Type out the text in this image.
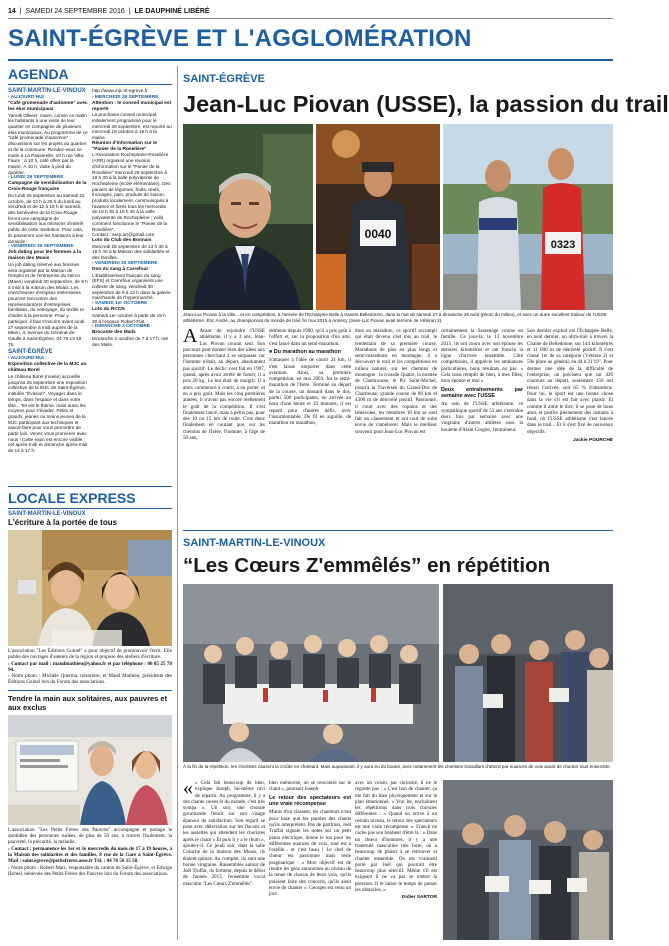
14 | SAMEDI 24 SEPTEMBRE 2016 | LE DAUPHINÉ LIBÉRÉ
SAINT-ÉGRÈVE ET L'AGGLOMÉRATION
AGENDA
SAINT-MARTIN-LE-VINOUX
› AUJOURD'HUI
"Café gromenade d'automne" avec les élus municipaux
Yannik Ollivier, maire, convie ce matin les habitants à une visite de leur quartier en compagnie de plusieurs élus municipaux. Au programme de ce "café promenade d'automne" : discussions sur les projets du quartier et de la commune. Rendez-vous ce matin à La Passerelle, 10 h rue Villa-Faure ; à 10 h, café offert par la mairie. À 10 h, visite à pied du quartier.
› LUNDI 26 SEPTEMBRE
Campagne de sensibilisation de la Croix-Rouge française
Du lundi 26 septembre au samedi 22 octobre, de 12 h à 20 h du lundi au vendredi et de 12 à 18 h le samedi, des bénévoles de la Croix-Rouge feront une campagne de sensibilisation aux missions d'intérêt public de cette institution. Pour cela, ils passeront voir les habitants à leur domicile.
› VENDREDI 30 SEPTEMBRE
Job dating pour les femmes à la maison des Moais
Un job dating réservé aux femmes sera organisé par la Maison de l'emploi et de l'entreprise du Néron (Maen) vendredi 30 septembre, de 9 h à midi à la maison des Moais. Les chercheuses d'emplois intéressées pourront rencontrer des représentant(e)s d'entreprises familiales, du nettoyage, du textile et d'aides à la personne. Pour y participer, il faut s'inscrire avant lundi 27 septembre à midi auprès de la Meen, 4, avenue du Général-de-Gaulle à Saint-Égrève, 04 76 13 18 76.
SAINT-ÉGRÈVE
› AUJOURD'HUI
Exposition collective de la MJC au château Borel
Le château Borel (mairie) accueille jusqu'au 25 septembre une exposition collective de la MJC de Saint-Égrève, intitulée "Évasion". Voyager dans le temps, dans l'espace et dans votre tête... Tel est le thème, mais aussi les moyens pour s'évader. Petits et grands, jeunes ou moins jeunes de la MJC participant aux techniques et savoir-faire pour vous permettre de partir loin. Venez vous promener avec nous ! Cette expo est encore visible cet après-midi et dimanche après-midi de 14 à 17 h.
http://www.mjc-st-egreve.fr
› MERCREDI 28 SEPTEMBRE
Attention : le conseil municipal est reporté
La prochaine conseil municipal, initialement programmé pour le mercredi 28 septembre, est reporté au mercredi 19 octobre à 19 h à la mairie.
Réunion d'information sur le "Panier de la Roselière"
L'Association Rochepleine-Roselière (ARR) organise une réunion d'information sur le "Panier de la Roselière" mercredi 28 septembre à 19 h 30 à la salle polyvalente de Rochepleine (école élémentaire). Des paniers de légumes, fruits, œufs, fromages, pain, produits de saison, produits localement, communiqués à l'avance et livrés tous les mercredis de 18 h 30 à 19 h 30 à la salle polyvalente de Rochepleine ; voilà comment fonctionne le "Panier de la Roselière".
Contact : asrp.arr@gmail.com
Loto du Club des Bonnais
Mercredi 28 septembre de 13 h 30 à 18 h 30 à la Maison des solidarités et des familles.
› VENDREDI 30 SEPTEMBRE
Don du sang à Carrefour
L'Établissement français du sang (EFS) et Carrefour organisent une collecte de sang, vendredi 30 septembre de 9 à 12 h dans la galerie marchande de l'hypermarché.
› SAMEDI 1er OCTOBRE
Loto du RCCN
Samedi 1er octobre à partir de 19 h 30 à l'espace Robert-Fiat.
› DIMANCHE 2 OCTOBRE
Brocante des Mails
Dimanche 2 octobre de 7 à 17 h, rue des Mails.
LOCALE EXPRESS
SAINT-MARTIN-LE-VINOUX
L'écriture à la portée de tous
L'association "Les Éditions Guinel" a pour objectif de promouvoir l'écrit. Elle publie des ouvrages d'auteurs de la région et propose des ateliers d'écriture.
› Contact par mail : maudmathieu@yahoo.fr et par téléphone : 06 85 25 78 94.
› Notre photo : Michèle Querma, trésorière, et Maud Mathieu, présidente des Éditions Guinel lors du Forum des associations.
Tendre la main aux solitaires, aux pauvres et aux exclus
L'association "Les Petits Frères des Pauvres" accompagne et partage le quotidien des personnes isolées, de plus de 50 ans, à travers l'isolement, la pauvreté, la précarité, la maladie.
› Contact : permanence les 1er et 3e mercredis du mois de 17 à 19 heures, à la Maison des solidarités et des familles, 8 rue de la Gare à Saint-Égrève. Mail : saint.egreve@petitsfreres.asso.fr Tél. : 04 76 56 15 50.
› Notre photo : Robert Marc, responsable du canton de Saint-Égrève, et Edwige Homel, bénévole des Petits Frères des Pauvres lors du Forum des associations.
SAINT-ÉGRÈVE
Jean-Luc Piovan (USSE), la passion du trail
0040
0323
Jean-Luc Piovan à la ville... et en compétition, à l'arrivée de l'Échappée Belle à travers Belledonne, dans la nuit de samedi 27 à dimanche 28 août (photo du milieu), et avec un autre excellent traileur de l'USSE athlétisme, Éric André, au championnat du monde de trail, fin mai 2015 à Annecy (Jean-Luc Piovan avait terminé 4e Vétéran 2).
A Avant de rejoindre l'USSE athlétisme, il y a 3 ans, Jean-Luc Piovan courait seul. Son parcours peut donner bien des idées aux personnes cherchant à se surpasser car l'homme n'était, au départ, absolument pas sportif. Le déclic s'est fait en 1997, quand, après avoir arrêté de fumer, il a pris 20 kg. Le but était de maigrir. Il a alors commencé à courir, à en parler, et en a pris goût. Mais les cinq premières années, il n'avait pas encore réellement le goût de la compétition. Il s'est finalement lancé, mais à petits pas, pour des 10 ou 15 km de route. C'est donc finalement en courant que, sur les chemins de l'Isère, l'homme, à l'âge de 50 ans,
demeure depuis 1990, qu'il a pris goût à l'effort et, sur la proposition d'un ami, s'est lancé dans un semi-marathon.
■ Du marathon au marathon
S'attaquer à l'idée de courir 21 km, il s'est laissé emporter dans cette aventure. Ainsi, sa première compétition, en mai 2003, fut le semi-marathon de l'Isère. Terminé au départ de la course, un dossard dans le dos, parmi 500 participants, en arrivée au bout d'une heure et 43 minutes, il est reparti pour d'autres défis, avec l'insurmontable. De fil en aiguille, de marathon en marathon,
thon en marathon, ce sportif accompli qui était devenu s'est mis au trail, le lendemain de sa première course. Marathons de plus en plus longs et semi-marathons en montagne, il a découvert le trail et les compétitions en milieu naturel, sur les chemins de montagne : la crossde Quatre, la montée de Chamrousse, le Pic Saint-Michel, jusqu'à la Traversée du Grand-Duc de Chartreuse, grande course de 80 km et 4300 m de dénivelé positif. Passionné, il court avec des copains et des bénévoles, les membres 10 km se sont fait un classement et ont tout de suite envie de s'améliorer. Mais le meilleur souvenir pour Jean-Luc Piovan est
certainement la Sassenage course en famille. Ce jour-là, le 13 novembre 2015, ils ont couru avec son épouse les derniers kilomètres et ont franchi la ligne d'arrivée ensemble. Côté compétitions, il apprécie les ambiances particulières, bons résultats ou pas. « Cela nous remplit de bien, à mes filles, mon épouse et moi ».
Deux entraînements par semaine avec l'USSE
Au sein de l'USSE athlétisme, ce sympathique sportif de 53 ans s'entraîne deux fois par semaine avec une vingtaine d'autres athlètes sous la houlette d'Alain Corgier, l'entraîneur.
Son dernier exploit est l'Échappée Belle, en août dernier, un ultra-trail à travers la Chaîne de Belledonne, sur 144 kilomètres et 11 000 m de dénivelé positif. Il s'est classé 1er de sa catégorie (Vétéran 2) et 59e place au général, en 44 h 21'19". Pour donner une idée de la difficulté de l'entreprise, on précisera que sur 420 coureurs au départ, seulement 150 ont réussi l'arrivée, soit 65 % d'abandons. Pour lui, le sport est une bonne chose dans la vie s'il est fait avec plaisir. Et comme il aime le dire, il se pose de bons amis et profite pleinement des instants à fond, où l'USSE athlétisme s'est lancée dans le trail... Et il s'est fixé de nouveaux objectifs.
Jackie POURCHE
SAINT-MARTIN-LE-VINOUX
“Les Cœurs Z'emmêlés” en répétition
À la fin de la répétition, les choristes causent la croûte en chantant. Mais auparavant, il y aura eu du boulot, avec notamment les choristes travaillant d'abord par nuances de voix avant de chanter tous ensemble.
« « Cela fait beaucoup de bien, explique Joseph, lui-même ravi de repartir. Au programme, il y a des chants corses et du monde, c'est très sympa ». Un soir, une chorale gourmande fleurit sur son visage épanoui de satisfaction. Son regard se pose avec délectation sur les flacons et les assiettes qui attendent les choristes après le chant « Et puis il y a le rhum », ajoute-t-il. Ce jeudi soir, dans la salle Coluche de la maison des Moais, ils étaient quinze. Au complet, ils sont une bonne vingtaine. Rassemblés autour de Joël Truffat, ils forment, depuis le début de l'année 2013, l'ensemble vocal masculin "Les Cœurs Z'emmêlés".
bien mémorisé, on se rencontre sur le chant », poursuit Joseph.
Le retour des spectateurs est une vraie récompense
Munis d'un classeur, les chanteurs n'ont pour base que les paroles des chants qu'ils interprètent. Pas de partition, Joël Truffat signale les notes sur un petit piano électrique, donne le ton pour les différentes nuances de voix, tout est à l'oreille... et c'est beau ! Le chef de chœur est passionné mais reste pragmatique : « Mon objectif est de rendre les gens autonomes au niveau de la tenue de chacun de leurs voix, qu'ils puissent faire des concerts, qu'ils aient envie de chanter ». Georges est venu un jour
avec un voisin, par curiosité, il ne le regrette pas : « C'est bon de chanter, ça me fait du bien physiquement et sur le plan émotionnel. » Vrai lot, enchaînent les répétitions dans trois chorales différentes : « Quand on arrive à un certain niveau, le retour des spectateurs est une vraie récompense ». Franck ne cache pas son bonheur d'être là : « Dans un chœur d'hommes, il y a une fraternité masculine très forte, on a beaucoup de plaisir à se retrouver et chanter ensemble. On est vraiment porté par Joël qui pourrait être beaucoup plus sélectif. Même s'il est exigeant il ne va pas se mettre la pression. Il te laisse le temps de passer les obstacles. »
Didier SARTOR
